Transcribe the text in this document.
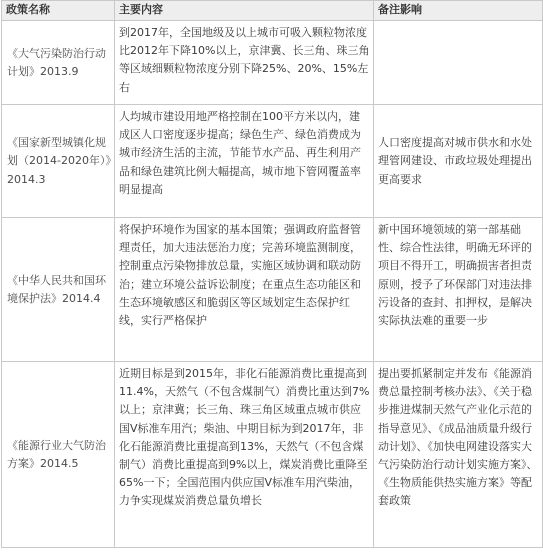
政策名称	主要内容	备注影响

《大气污染防治行动计划》2013.9	到2017年，全国地级及以上城市可吸入颗粒物浓度比2012年下降10%以上，京津冀、长三角、珠三角等区域细颗粒物浓度分别下降25%、20%、15%左右	

《国家新型城镇化规划（2014-2020年）》2014.3	人均城市建设用地严格控制在100平方米以内，建成区人口密度逐步提高；绿色生产、绿色消费成为城市经济生活的主流，节能节水产品、再生利用产品和绿色建筑比例大幅提高，城市地下管网覆盖率明显提高	人口密度提高对城市供水和水处理管网建设、市政垃圾处理提出更高要求

《中华人民共和国环境保护法》2014.4	将保护环境作为国家的基本国策；强调政府监督管理责任，加大违法惩治力度；完善环境监测制度，控制重点污染物排放总量，实施区域协调和联动防治；建立环境公益诉讼制度；在重点生态功能区和生态环境敏感区和脆弱区等区域划定生态保护红线，实行严格保护	新中国环境领域的第一部基础性、综合性法律，明确无环评的项目不得开工，明确损害者担责原则，授予了环保部门对违法排污设备的查封、扣押权，是解决实际执法难的重要一步

《能源行业大气防治方案》2014.5	近期目标是到2015年，非化石能源消费比重提高到11.4%，天然气（不包含煤制气）消费比重达到7%以上；京津冀；长三角、珠三角区域重点城市供应国V标准车用汽；柴油、中期目标为到2017年，非化石能源消费比重提高到13%，天然气（不包含煤制气）消费比重提高到9%以上，煤炭消费比重降至65%一下；全国范围内供应国V标准车用汽柴油，力争实现煤炭消费总量负增长	提出要抓紧制定并发布《能源消费总量控制考核办法》、《关于稳步推进煤制天然气产业化示范的指导意见》、《成品油质量升级行动计划》、《加快电网建设落实大气污染防治行动计划实施方案》、《生物质能供热实施方案》等配套政策
